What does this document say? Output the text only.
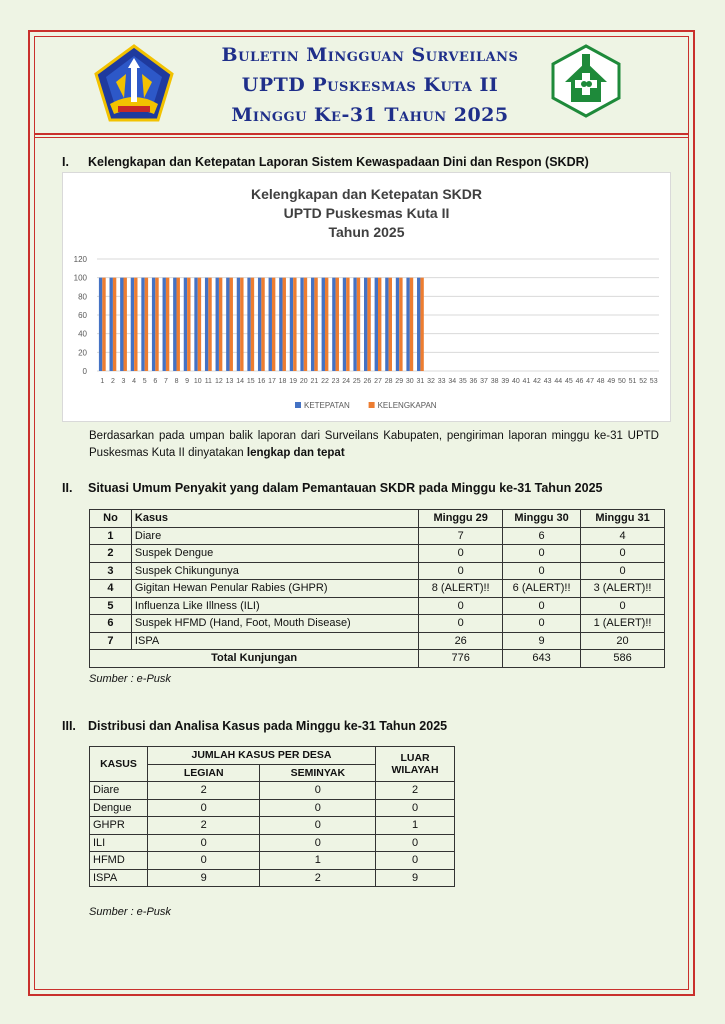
Buletin Mingguan Surveilans
UPTD Puskesmas Kuta II
Minggu Ke-31 Tahun 2025
I. Kelengkapan dan Ketepatan Laporan Sistem Kewaspadaan Dini dan Respon (SKDR)
Kelengkapan dan Ketepatan SKDR
UPTD Puskesmas Kuta II
Tahun 2025
0
20
40
60
80
100
120
1 2 3 4 5 6 7 8 9 10 11 12 13 14 15 16 17 18 19 20 21 22 23 24 25 26 27 28 29 30 31 32 33 34 35 36 37 38 39 40 41 42 43 44 45 46 47 48 49 50 51 52 53
KETEPATAN	KELENGKAPAN
Berdasarkan pada umpan balik laporan dari Surveilans Kabupaten, pengiriman laporan minggu ke-31 UPTD Puskesmas Kuta II dinyatakan lengkap dan tepat
II. Situasi Umum Penyakit yang dalam Pemantauan SKDR pada Minggu ke-31 Tahun 2025
No	Kasus	Minggu 29	Minggu 30	Minggu 31
1	Diare	7	6	4
2	Suspek Dengue	0	0	0
3	Suspek Chikungunya	0	0	0
4	Gigitan Hewan Penular Rabies (GHPR)	8 (ALERT)!!	6 (ALERT)!!	3 (ALERT)!!
5	Influenza Like Illness (ILI)	0	0	0
6	Suspek HFMD (Hand, Foot, Mouth Disease)	0	0	1 (ALERT)!!
7	ISPA	26	9	20
Total Kunjungan		776	643	586
Sumber : e-Pusk
III. Distribusi dan Analisa Kasus pada Minggu ke-31 Tahun 2025
KASUS	JUMLAH KASUS PER DESA		LUAR WILAYAH
	LEGIAN	SEMINYAK	
Diare	2	0	2
Dengue	0	0	0
GHPR	2	0	1
ILI	0	0	0
HFMD	0	1	0
ISPA	9	2	9
Sumber : e-Pusk
